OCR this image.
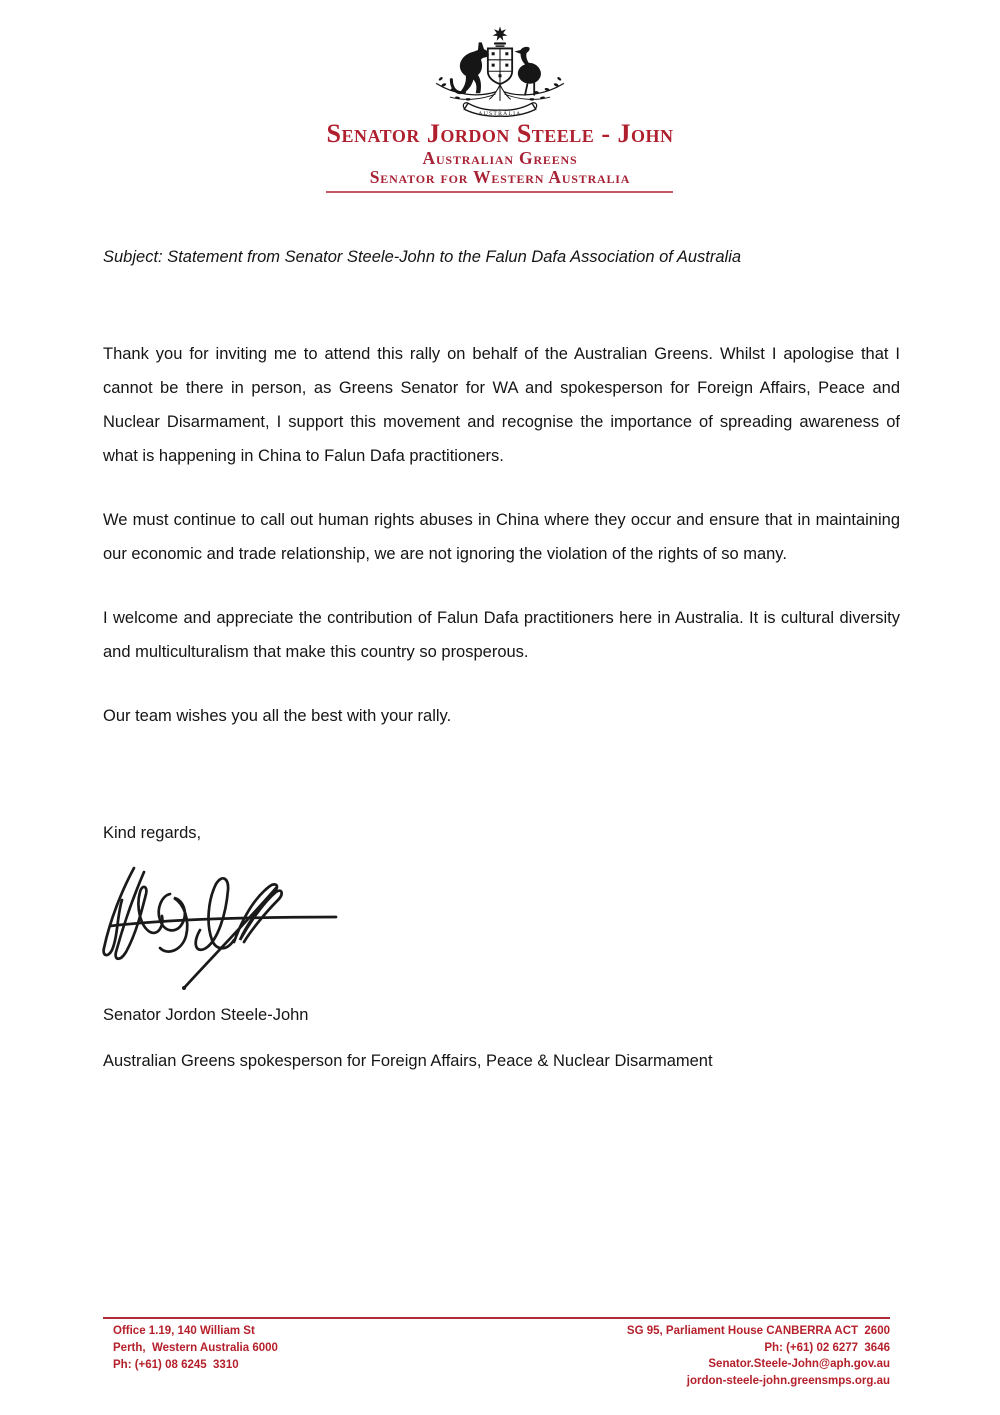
AUSTRALIA
Senator Jordon Steele - John
Australian Greens
Senator for Western Australia

Subject: Statement from Senator Steele-John to the Falun Dafa Association of Australia

Thank you for inviting me to attend this rally on behalf of the Australian Greens. Whilst I apologise that I cannot be there in person, as Greens Senator for WA and spokesperson for Foreign Affairs, Peace and Nuclear Disarmament, I support this movement and recognise the importance of spreading awareness of what is happening in China to Falun Dafa practitioners.

We must continue to call out human rights abuses in China where they occur and ensure that in maintaining our economic and trade relationship, we are not ignoring the violation of the rights of so many.

I welcome and appreciate the contribution of Falun Dafa practitioners here in Australia. It is cultural diversity and multiculturalism that make this country so prosperous.

Our team wishes you all the best with your rally.

Kind regards,

Senator Jordon Steele-John

Australian Greens spokesperson for Foreign Affairs, Peace & Nuclear Disarmament

Office 1.19, 140 William St
Perth,  Western Australia 6000
Ph: (+61) 08 6245  3310
SG 95, Parliament House CANBERRA ACT  2600
Ph: (+61) 02 6277  3646
Senator.Steele-John@aph.gov.au
jordon-steele-john.greensmps.org.au
